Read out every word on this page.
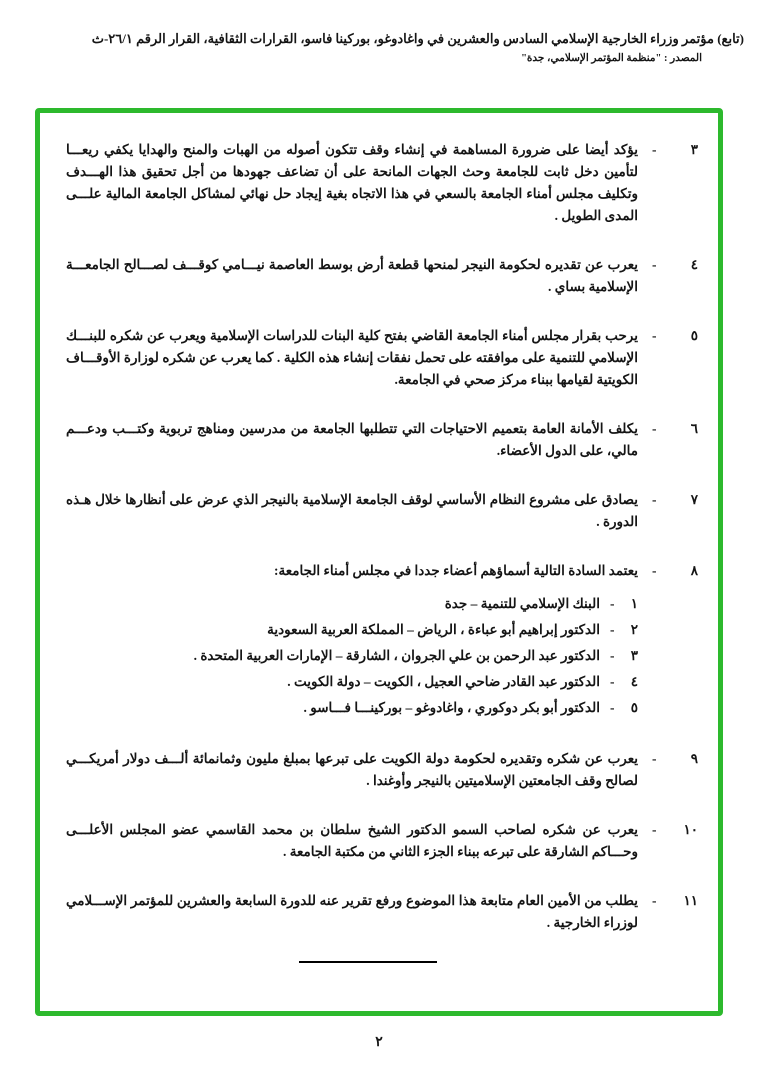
(تابع) مؤتمر وزراء الخارجية الإسلامي السادس والعشرين في واغادوغو، بوركينا فاسو، القرارات الثقافية، القرار الرقم ٢٦/١-ث
المصدر : "منظمة المؤتمر الإسلامي، جدة"
٣
-
يؤكد أيضا على ضرورة المساهمة في إنشاء وقف تتكون أصوله من الهبات والمنح والهدايا يكفي ريعـــا لتأمين دخل ثابت للجامعة وحث الجهات المانحة على أن تضاعف جهودها من أجل تحقيق هذا الهـــدف وتكليف مجلس أمناء الجامعة بالسعي في هذا الاتجاه بغية إيجاد حل نهائي لمشاكل الجامعة المالية علـــى المدى الطويل .
٤
-
يعرب عن تقديره لحكومة النيجر لمنحها قطعة أرض بوسط العاصمة نيـــامي كوقـــف لصـــالح الجامعـــة الإسلامية بساي .
٥
-
يرحب بقرار مجلس أمناء الجامعة القاضي بفتح كلية البنات للدراسات الإسلامية ويعرب عن شكره للبنـــك الإسلامي للتنمية على موافقته على تحمل نفقات إنشاء هذه الكلية . كما يعرب عن شكره لوزارة الأوقـــاف الكويتية لقيامها ببناء مركز صحي في الجامعة.
٦
-
يكلف الأمانة العامة بتعميم الاحتياجات التي تتطلبها الجامعة من مدرسين ومناهج تربوية وكتـــب ودعـــم مالي، على الدول الأعضاء.
٧
-
يصادق على مشروع النظام الأساسي لوقف الجامعة الإسلامية بالنيجر الذي عرض على أنظارها خلال هـذه الدورة .
٨
-
يعتمد السادة التالية أسماؤهم أعضاء جددا في مجلس أمناء الجامعة:
١
-
البنك الإسلامي للتنمية – جدة
٢
-
الدكتور إبراهيم أبو عباءة ، الرياض – المملكة العربية السعودية
٣
-
الدكتور عبد الرحمن بن علي الجروان ، الشارقة – الإمارات العربية المتحدة .
٤
-
الدكتور عبد القادر ضاحي العجيل ، الكويت – دولة الكويت .
٥
-
الدكتور أبو بكر دوكوري ، واغادوغو – بوركينـــا فـــاسو .
٩
-
يعرب عن شكره وتقديره لحكومة دولة الكويت على تبرعها بمبلغ مليون وثمانمائة ألـــف دولار أمريكـــي لصالح وقف الجامعتين الإسلاميتين بالنيجر وأوغندا .
١٠
-
يعرب عن شكره لصاحب السمو الدكتور الشيخ سلطان بن محمد القاسمي عضو المجلس الأعلـــى وحـــاكم الشارقة على تبرعه ببناء الجزء الثاني من مكتبة الجامعة .
١١
-
يطلب من الأمين العام متابعة هذا الموضوع ورفع تقرير عنه للدورة السابعة والعشرين للمؤتمر الإســـلامي لوزراء الخارجية .
٢
